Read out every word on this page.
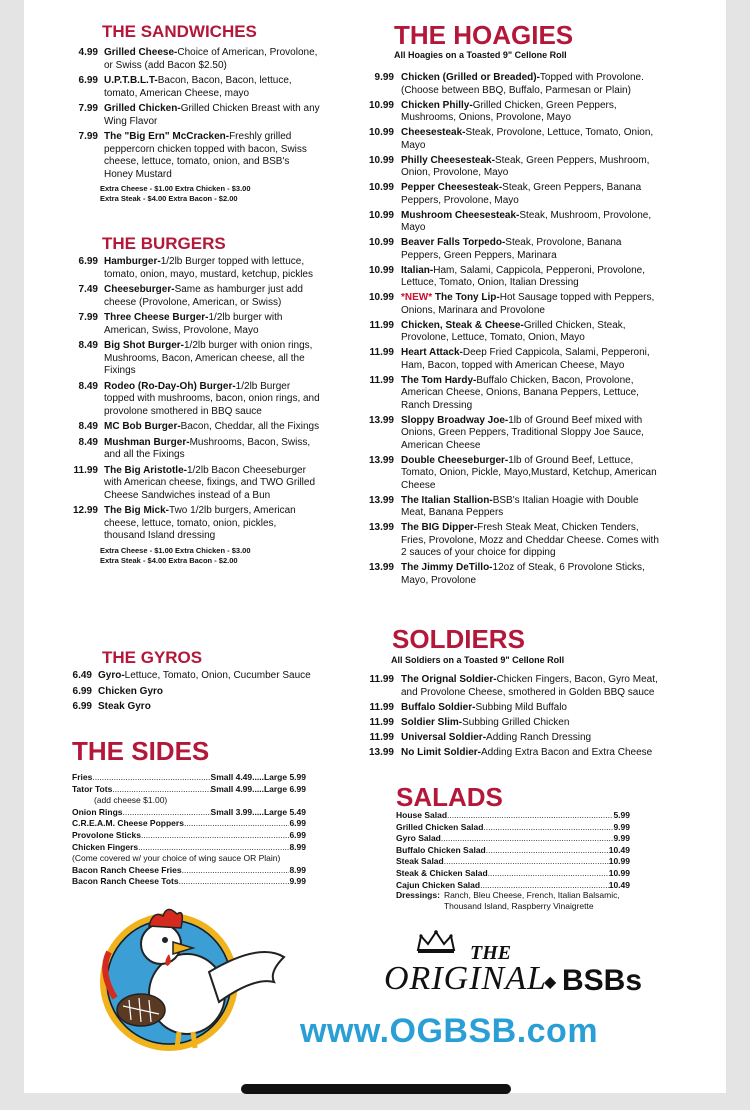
THE SANDWICHES
4.99 Grilled Cheese-Choice of American, Provolone, or Swiss (add Bacon $2.50)
6.99 U.P.T.B.L.T-Bacon, Bacon, Bacon, lettuce, tomato, American Cheese, mayo
7.99 Grilled Chicken-Grilled Chicken Breast with any Wing Flavor
7.99 The "Big Ern" McCracken-Freshly grilled peppercorn chicken topped with bacon, Swiss cheese, lettuce, tomato, onion, and BSB's Honey Mustard
Extra Cheese - $1.00 Extra Chicken - $3.00
Extra Steak - $4.00 Extra Bacon - $2.00
THE BURGERS
6.99 Hamburger-1/2lb Burger topped with lettuce, tomato, onion, mayo, mustard, ketchup, pickles
7.49 Cheeseburger-Same as hamburger just add cheese (Provolone, American, or Swiss)
7.99 Three Cheese Burger-1/2lb burger with American, Swiss, Provolone, Mayo
8.49 Big Shot Burger-1/2lb burger with onion rings, Mushrooms, Bacon, American cheese, all the Fixings
8.49 Rodeo (Ro-Day-Oh) Burger-1/2lb Burger topped with mushrooms, bacon, onion rings, and provolone smothered in BBQ sauce
8.49 MC Bob Burger-Bacon, Cheddar, all the Fixings
8.49 Mushman Burger-Mushrooms, Bacon, Swiss, and all the Fixings
11.99 The Big Aristotle-1/2lb Bacon Cheeseburger with American cheese, fixings, and TWO Grilled Cheese Sandwiches instead of a Bun
12.99 The Big Mick-Two 1/2lb burgers, American cheese, lettuce, tomato, onion, pickles, thousand Island dressing
Extra Cheese - $1.00 Extra Chicken - $3.00
Extra Steak - $4.00 Extra Bacon - $2.00
THE GYROS
6.49 Gyro-Lettuce, Tomato, Onion, Cucumber Sauce
6.99 Chicken Gyro
6.99 Steak Gyro
THE SIDES
Fries .....	Small 4.49.....Large 5.99
Tator Tots .....	Small 4.99.....Large 6.99
(add cheese $1.00)
Onion Rings .....	Small 3.99.....Large 5.49
C.R.E.A.M. Cheese Poppers .....	6.99
Provolone Sticks .....	6.99
Chicken Fingers .....	8.99
(Come covered w/ your choice of wing sauce OR Plain)
Bacon Ranch Cheese Fries .....	8.99
Bacon Ranch Cheese Tots .....	9.99
THE HOAGIES
All Hoagies on a Toasted 9" Cellone Roll
9.99 Chicken (Grilled or Breaded)-Topped with Provolone. (Choose between BBQ, Buffalo, Parmesan or Plain)
10.99 Chicken Philly-Grilled Chicken, Green Peppers, Mushrooms, Onions, Provolone, Mayo
10.99 Cheesesteak-Steak, Provolone, Lettuce, Tomato, Onion, Mayo
10.99 Philly Cheesesteak-Steak, Green Peppers, Mushroom, Onion, Provolone, Mayo
10.99 Pepper Cheesesteak-Steak, Green Peppers, Banana Peppers, Provolone, Mayo
10.99 Mushroom Cheesesteak-Steak, Mushroom, Provolone, Mayo
10.99 Beaver Falls Torpedo-Steak, Provolone, Banana Peppers, Green Peppers, Marinara
10.99 Italian-Ham, Salami, Cappicola, Pepperoni, Provolone, Lettuce, Tomato, Onion, Italian Dressing
10.99 *NEW* The Tony Lip-Hot Sausage topped with Peppers, Onions, Marinara and Provolone
11.99 Chicken, Steak & Cheese-Grilled Chicken, Steak, Provolone, Lettuce, Tomato, Onion, Mayo
11.99 Heart Attack-Deep Fried Cappicola, Salami, Pepperoni, Ham, Bacon, topped with American Cheese, Mayo
11.99 The Tom Hardy-Buffalo Chicken, Bacon, Provolone, American Cheese, Onions, Banana Peppers, Lettuce, Ranch Dressing
13.99 Sloppy Broadway Joe-1lb of Ground Beef mixed with Onions, Green Peppers, Traditional Sloppy Joe Sauce, American Cheese
13.99 Double Cheeseburger-1lb of Ground Beef, Lettuce, Tomato, Onion, Pickle, Mayo,Mustard, Ketchup, American Cheese
13.99 The Italian Stallion-BSB's Italian Hoagie with Double Meat, Banana Peppers
13.99 The BIG Dipper-Fresh Steak Meat, Chicken Tenders, Fries, Provolone, Mozz and Cheddar Cheese. Comes with 2 sauces of your choice for dipping
13.99 The Jimmy DeTillo-12oz of Steak, 6 Provolone Sticks, Mayo, Provolone
SOLDIERS
All Soldiers on a Toasted 9" Cellone Roll
11.99 The Orignal Soldier-Chicken Fingers, Bacon, Gyro Meat, and Provolone Cheese, smothered in Golden BBQ sauce
11.99 Buffalo Soldier-Subbing Mild Buffalo
11.99 Soldier Slim-Subbing Grilled Chicken
11.99 Universal Soldier-Adding Ranch Dressing
13.99 No Limit Soldier-Adding Extra Bacon and Extra Cheese
SALADS
House Salad .....	5.99
Grilled Chicken Salad .....	9.99
Gyro Salad .....	9.99
Buffalo Chicken Salad .....	10.49
Steak Salad .....	10.99
Steak & Chicken Salad .....	10.99
Cajun Chicken Salad .....	10.49
Dressings: Ranch, Bleu Cheese, French, Italian Balsamic, Thousand Island, Raspberry Vinaigrette
THE
ORIGINAL
◆ BSBs
www.OGBSB.com
